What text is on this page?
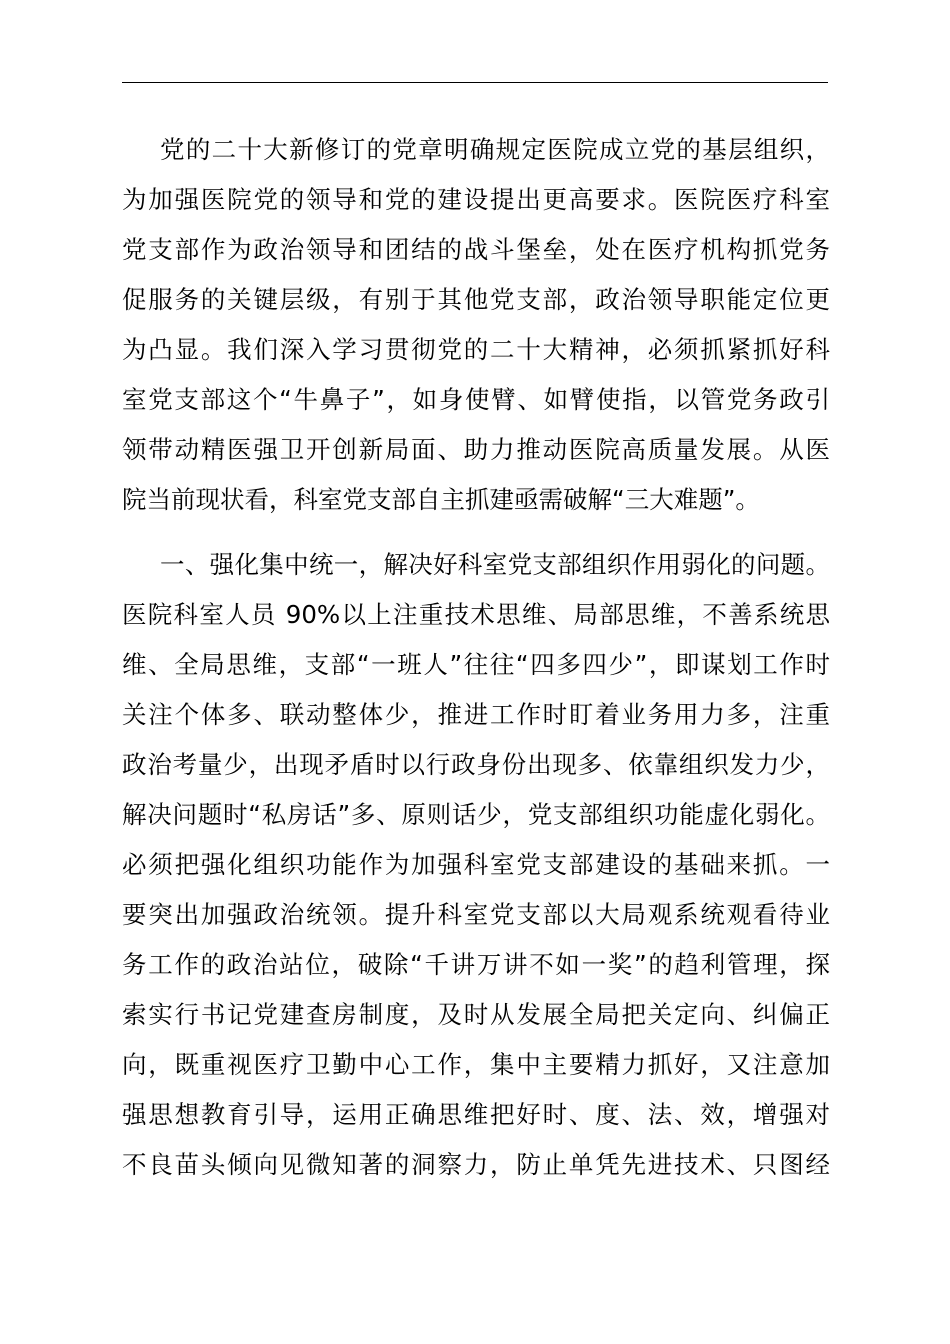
党的二十大新修订的党章明确规定医院成立党的基层组织，
为加强医院党的领导和党的建设提出更高要求。医院医疗科室
党支部作为政治领导和团结的战斗堡垒，处在医疗机构抓党务
促服务的关键层级，有别于其他党支部，政治领导职能定位更
为凸显。我们深入学习贯彻党的二十大精神，必须抓紧抓好科
室党支部这个“牛鼻子”，如身使臂、如臂使指，以管党务政引
领带动精医强卫开创新局面、助力推动医院高质量发展。从医
院当前现状看，科室党支部自主抓建亟需破解“三大难题”。
一、强化集中统一，解决好科室党支部组织作用弱化的问题。
医院科室人员 90%以上注重技术思维、局部思维，不善系统思
维、全局思维，支部“一班人”往往“四多四少”，即谋划工作时
关注个体多、联动整体少，推进工作时盯着业务用力多，注重
政治考量少，出现矛盾时以行政身份出现多、依靠组织发力少，
解决问题时“私房话”多、原则话少，党支部组织功能虚化弱化。
必须把强化组织功能作为加强科室党支部建设的基础来抓。一
要突出加强政治统领。提升科室党支部以大局观系统观看待业
务工作的政治站位，破除“千讲万讲不如一奖”的趋利管理，探
索实行书记党建查房制度，及时从发展全局把关定向、纠偏正
向，既重视医疗卫勤中心工作，集中主要精力抓好，又注意加
强思想教育引导，运用正确思维把好时、度、法、效，增强对
不良苗头倾向见微知著的洞察力，防止单凭先进技术、只图经
